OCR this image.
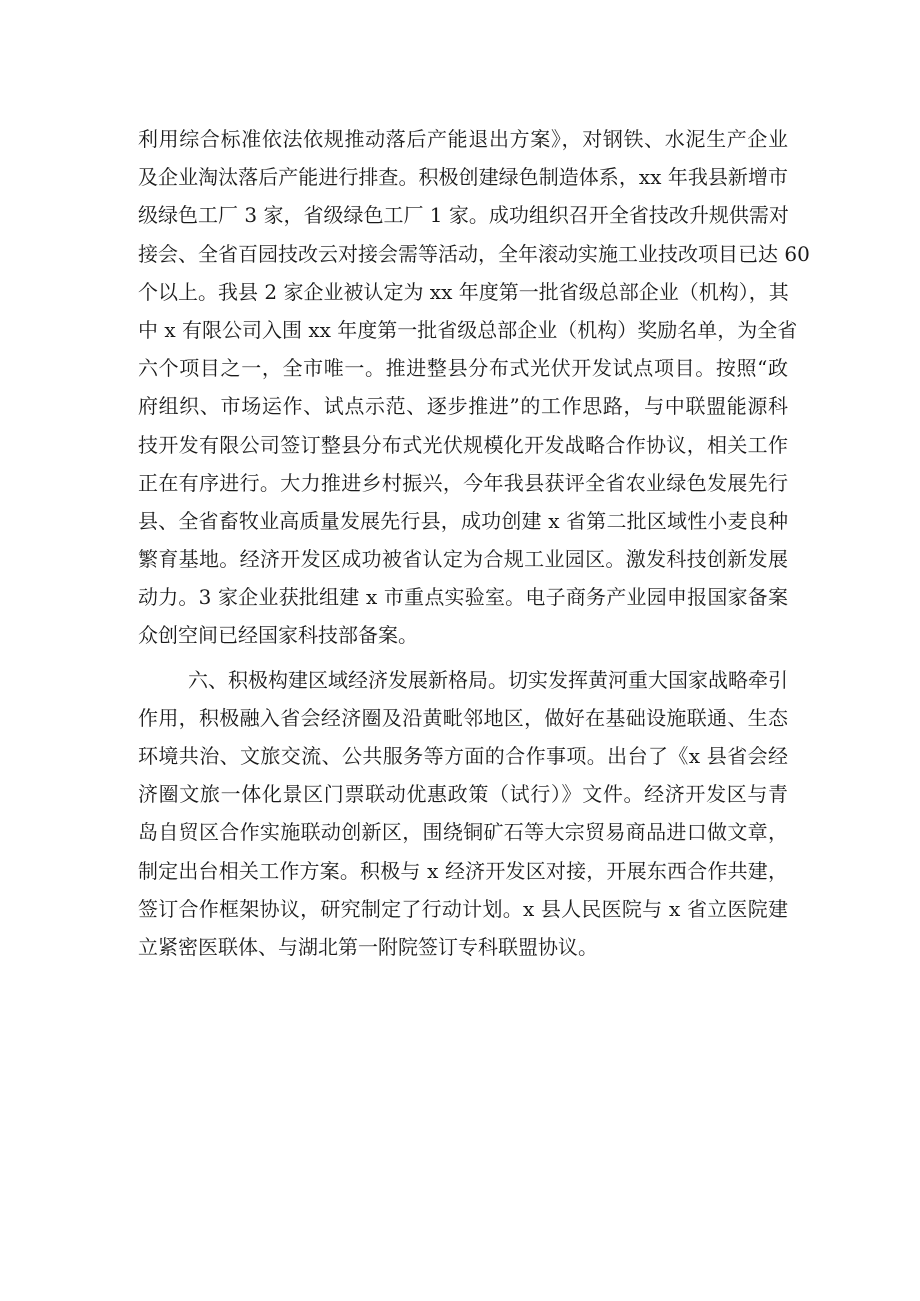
利用综合标准依法依规推动落后产能退出方案》，对钢铁、水泥生产企业
及企业淘汰落后产能进行排查。积极创建绿色制造体系，xx 年我县新增市
级绿色工厂 3 家，省级绿色工厂 1 家。成功组织召开全省技改升规供需对
接会、全省百园技改云对接会需等活动，全年滚动实施工业技改项目已达 60
个以上。我县 2 家企业被认定为 xx 年度第一批省级总部企业（机构），其
中 x 有限公司入围 xx 年度第一批省级总部企业（机构）奖励名单，为全省
六个项目之一，全市唯一。推进整县分布式光伏开发试点项目。按照“政
府组织、市场运作、试点示范、逐步推进”的工作思路，与中联盟能源科
技开发有限公司签订整县分布式光伏规模化开发战略合作协议，相关工作
正在有序进行。大力推进乡村振兴，今年我县获评全省农业绿色发展先行
县、全省畜牧业高质量发展先行县，成功创建 x 省第二批区域性小麦良种
繁育基地。经济开发区成功被省认定为合规工业园区。激发科技创新发展
动力。3 家企业获批组建 x 市重点实验室。电子商务产业园申报国家备案
众创空间已经国家科技部备案。
六、积极构建区域经济发展新格局。切实发挥黄河重大国家战略牵引
作用，积极融入省会经济圈及沿黄毗邻地区，做好在基础设施联通、生态
环境共治、文旅交流、公共服务等方面的合作事项。出台了《x 县省会经
济圈文旅一体化景区门票联动优惠政策（试行）》文件。经济开发区与青
岛自贸区合作实施联动创新区，围绕铜矿石等大宗贸易商品进口做文章，
制定出台相关工作方案。积极与 x 经济开发区对接，开展东西合作共建，
签订合作框架协议，研究制定了行动计划。x 县人民医院与 x 省立医院建
立紧密医联体、与湖北第一附院签订专科联盟协议。
